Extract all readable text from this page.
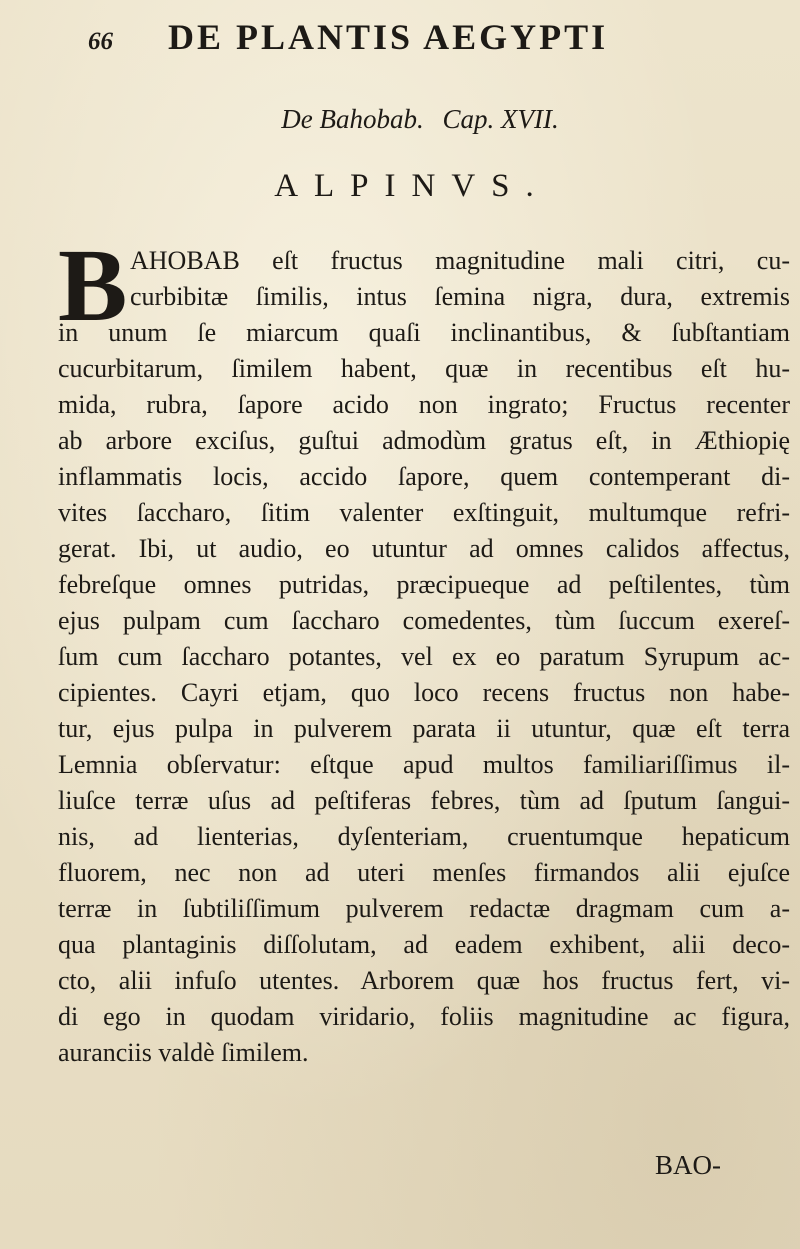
66	DE PLANTIS AEGYPTI
De Bahobab. Cap. XVII.
ALPINVS.
B AHOBAB eſt fructus magnitudine mali citri, cu-
curbibitæ ſimilis, intus ſemina nigra, dura, extremis
in unum ſe miarcum quaſi inclinantibus, & ſubſtantiam
cucurbitarum, ſimilem habent, quæ in recentibus eſt hu-
mida, rubra, ſapore acido non ingrato; Fructus recenter
ab arbore exciſus, guſtui admodùm gratus eſt, in Æthiopię
inflammatis locis, accido ſapore, quem contemperant di-
vites ſaccharo, ſitim valenter exſtinguit, multumque refri-
gerat. Ibi, ut audio, eo utuntur ad omnes calidos affectus,
febreſque omnes putridas, præcipueque ad peſtilentes, tùm
ejus pulpam cum ſaccharo comedentes, tùm ſuccum exereſ-
ſum cum ſaccharo potantes, vel ex eo paratum Syrupum ac-
cipientes. Cayri etjam, quo loco recens fructus non habe-
tur, ejus pulpa in pulverem parata ii utuntur, quæ eſt terra
Lemnia obſervatur: eſtque apud multos familiariſſimus il-
liuſce terræ uſus ad peſtiferas febres, tùm ad ſputum ſangui-
nis, ad lienterias, dyſenteriam, cruentumque hepaticum
fluorem, nec non ad uteri menſes firmandos alii ejuſce
terræ in ſubtiliſſimum pulverem redactæ dragmam cum a-
qua plantaginis diſſolutam, ad eadem exhibent, alii deco-
cto, alii infuſo utentes. Arborem quæ hos fructus fert, vi-
di ego in quodam viridario, foliis magnitudine ac figura,
auranciis valdè ſimilem.
BAO-
